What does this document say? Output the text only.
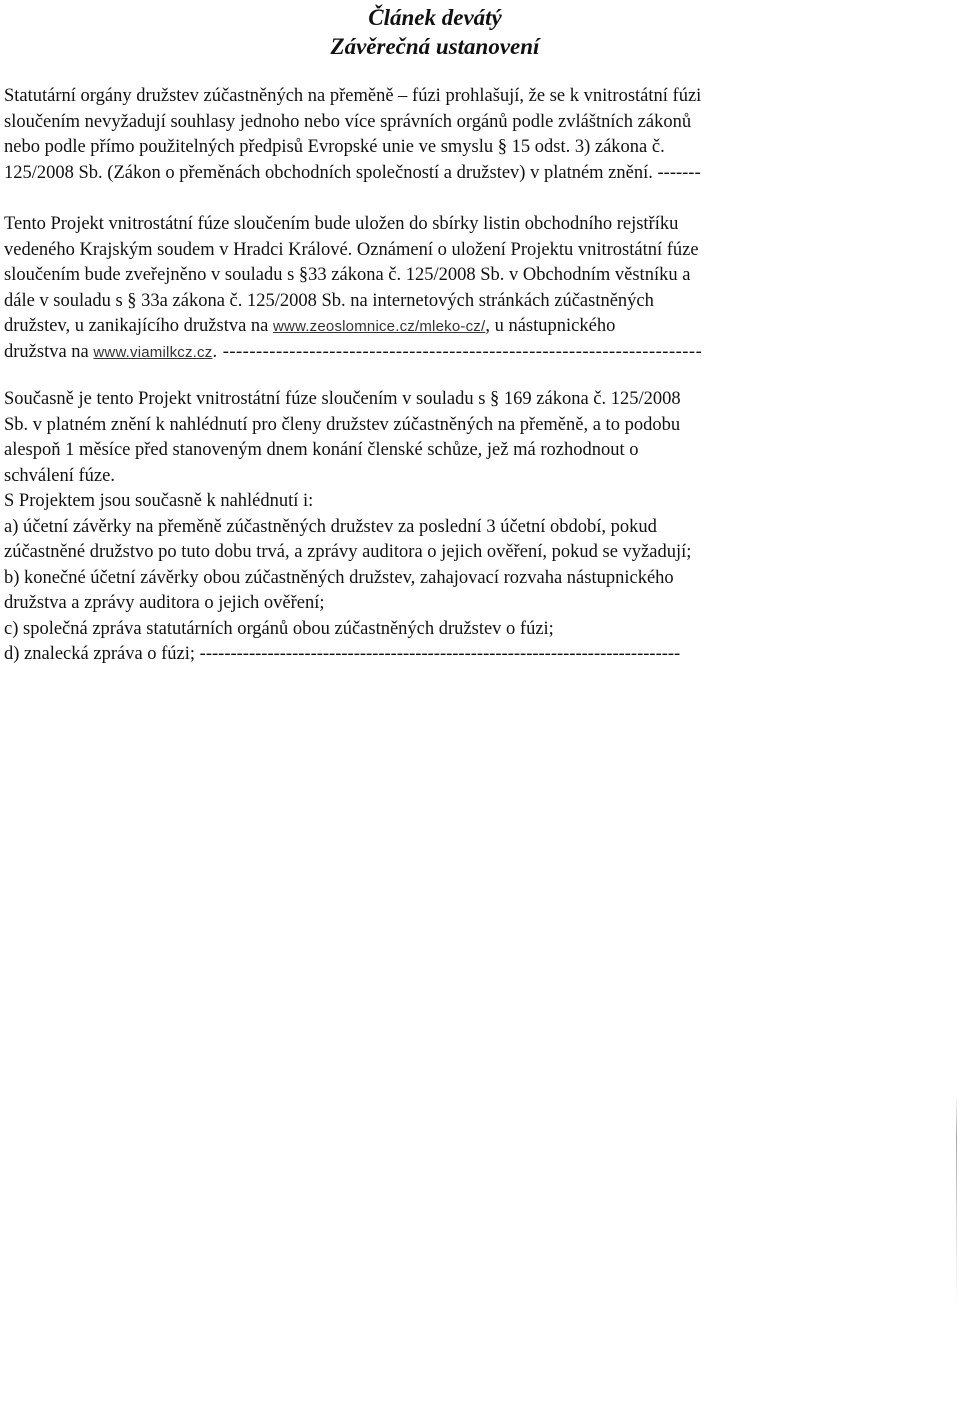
Článek devátý
Závěrečná ustanovení

Statutární orgány družstev zúčastněných na přeměně – fúzi prohlašují, že se k vnitrostátní fúzi
sloučením nevyžadují souhlasy jednoho nebo více správních orgánů podle zvláštních zákonů
nebo podle přímo použitelných předpisů Evropské unie ve smyslu § 15 odst. 3) zákona č.
125/2008 Sb. (Zákon o přeměnách obchodních společností a družstev) v platném znění. -------

Tento Projekt vnitrostátní fúze sloučením bude uložen do sbírky listin obchodního rejstříku
vedeného Krajským soudem v Hradci Králové. Oznámení o uložení Projektu vnitrostátní fúze
sloučením bude zveřejněno v souladu s §33 zákona č. 125/2008 Sb. v Obchodním věstníku a
dále v souladu s § 33a zákona č. 125/2008 Sb. na internetových stránkách zúčastněných
družstev, u zanikajícího družstva na www.zeoslomnice.cz/mleko-cz/, u nástupnického
družstva na www.viamilkcz.cz. ------------------------------------------------------------------------

Současně je tento Projekt vnitrostátní fúze sloučením v souladu s § 169 zákona č. 125/2008
Sb. v platném znění k nahlédnutí pro členy družstev zúčastněných na přeměně, a to podobu
alespoň 1 měsíce před stanoveným dnem konání členské schůze, jež má rozhodnout o
schválení fúze.
S Projektem jsou současně k nahlédnutí i:
a) účetní závěrky na přeměně zúčastněných družstev za poslední 3 účetní období, pokud
zúčastněné družstvo po tuto dobu trvá, a zprávy auditora o jejich ověření, pokud se vyžadují;
b) konečné účetní závěrky obou zúčastněných družstev, zahajovací rozvaha nástupnického
družstva a zprávy auditora o jejich ověření;
c) společná zpráva statutárních orgánů obou zúčastněných družstev o fúzi;
d) znalecká zpráva o fúzi; ------------------------------------------------------------------------------
